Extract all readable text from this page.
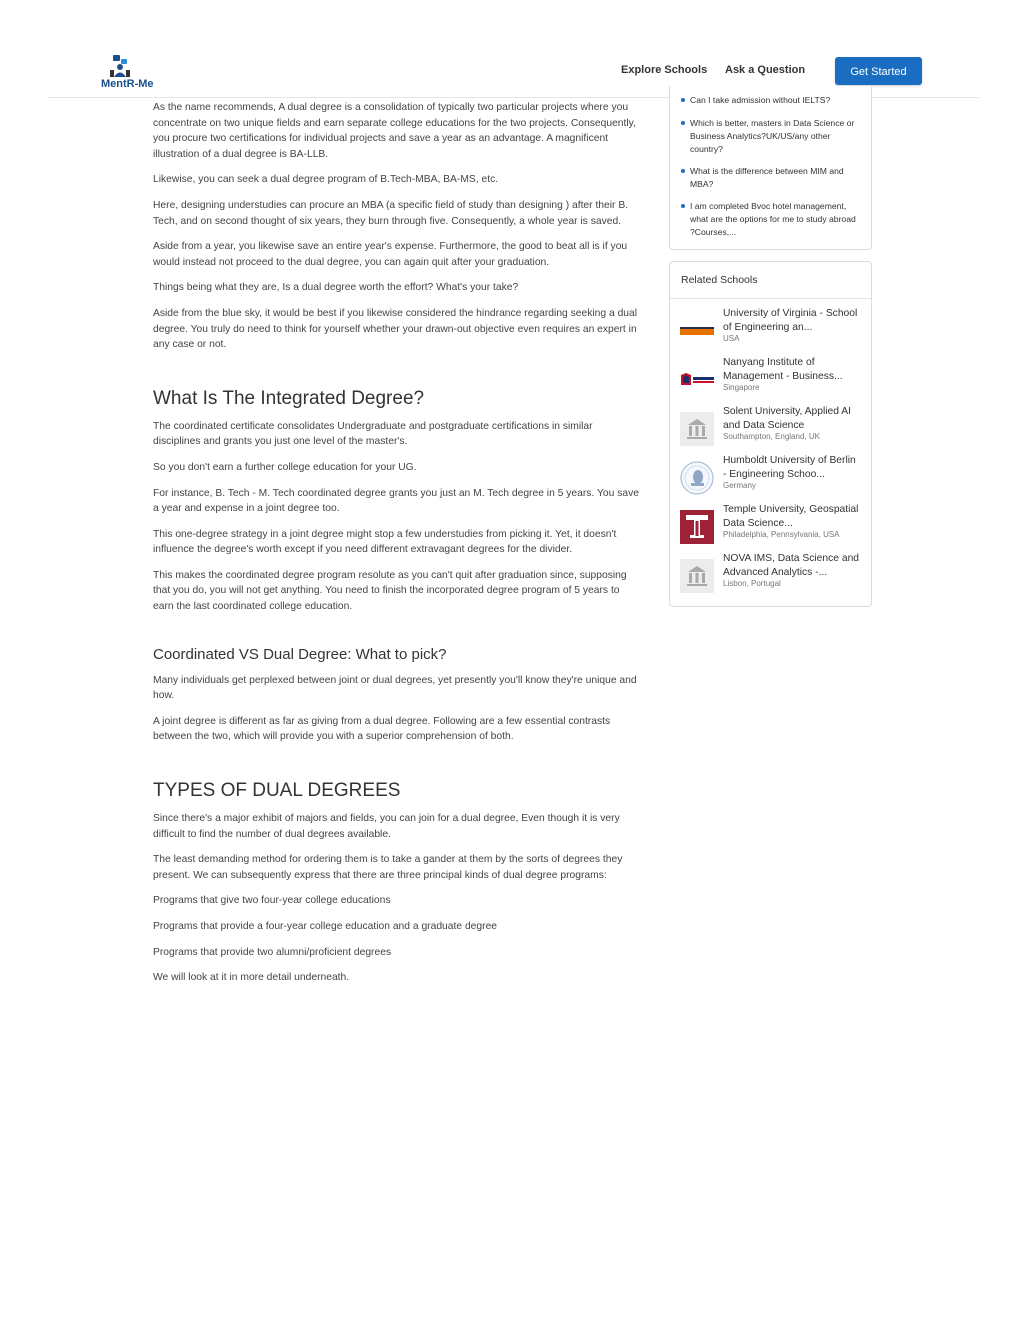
MentR-Me
Explore Schools Ask a Question	Get Started

As the name recommends, A dual degree is a consolidation of typically two particular projects where you concentrate on two unique fields and earn separate college educations for the two projects. Consequently, you procure two certifications for individual projects and save a year as an advantage. A magnificent illustration of a dual degree is BA-LLB.

Likewise, you can seek a dual degree program of B.Tech-MBA, BA-MS, etc.

Here, designing understudies can procure an MBA (a specific field of study than designing ) after their B. Tech, and on second thought of six years, they burn through five. Consequently, a whole year is saved.

Aside from a year, you likewise save an entire year's expense. Furthermore, the good to beat all is if you would instead not proceed to the dual degree, you can again quit after your graduation.

Things being what they are, Is a dual degree worth the effort? What's your take?

Aside from the blue sky, it would be best if you likewise considered the hindrance regarding seeking a dual degree. You truly do need to think for yourself whether your drawn-out objective even requires an expert in any case or not.

What Is The Integrated Degree?

The coordinated certificate consolidates Undergraduate and postgraduate certifications in similar disciplines and grants you just one level of the master's.

So you don't earn a further college education for your UG.

For instance, B. Tech - M. Tech coordinated degree grants you just an M. Tech degree in 5 years. You save a year and expense in a joint degree too.

This one-degree strategy in a joint degree might stop a few understudies from picking it. Yet, it doesn't influence the degree's worth except if you need different extravagant degrees for the divider.

This makes the coordinated degree program resolute as you can't quit after graduation since, supposing that you do, you will not get anything. You need to finish the incorporated degree program of 5 years to earn the last coordinated college education.

Coordinated VS Dual Degree: What to pick?

Many individuals get perplexed between joint or dual degrees, yet presently you'll know they're unique and how.

A joint degree is different as far as giving from a dual degree. Following are a few essential contrasts between the two, which will provide you with a superior comprehension of both.

TYPES OF DUAL DEGREES

Since there's a major exhibit of majors and fields, you can join for a dual degree, Even though it is very difficult to find the number of dual degrees available.

The least demanding method for ordering them is to take a gander at them by the sorts of degrees they present. We can subsequently express that there are three principal kinds of dual degree programs:

Programs that give two four-year college educations

Programs that provide a four-year college education and a graduate degree

Programs that provide two alumni/proficient degrees

We will look at it in more detail underneath.

Can I take admission without IELTS?
Which is better, masters in Data Science or Business Analytics?UK/US/any other country?
What is the difference between MIM and MBA?
I am completed Bvoc hotel management, what are the options for me to study abroad ?Courses,...
Related Schools
University of Virginia - School of Engineering an...
USA
Nanyang Institute of Management - Business...
Singapore
Solent University, Applied AI and Data Science
Southampton, England, UK
Humboldt University of Berlin - Engineering Schoo...
Germany
Temple University, Geospatial Data Science...
Philadelphia, Pennsylvania, USA
NOVA IMS, Data Science and Advanced Analytics -...
Lisbon, Portugal
